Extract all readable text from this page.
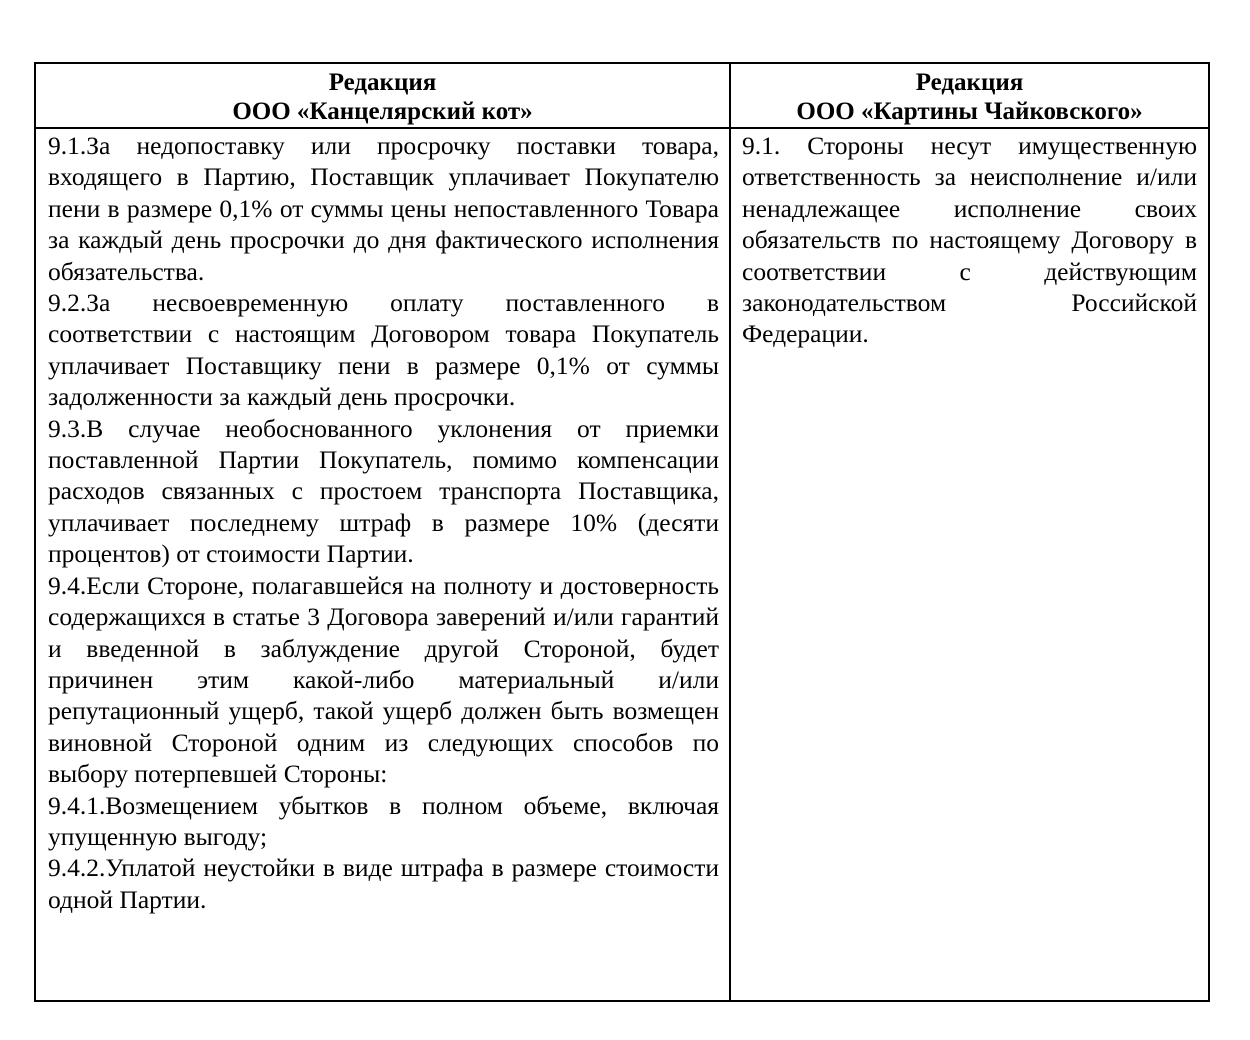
Редакция
ООО «Канцелярский кот»
Редакция
ООО «Картины Чайковского»

9.1.За недопоставку или просрочку поставки товара, входящего в Партию, Поставщик уплачивает Покупателю пени в размере 0,1% от суммы цены непоставленного Товара за каждый день просрочки до дня фактического исполнения обязательства.

9.2.За несвоевременную оплату поставленного в соответствии с настоящим Договором товара Покупатель уплачивает Поставщику пени в размере 0,1% от суммы задолженности за каждый день просрочки.

9.3.В случае необоснованного уклонения от приемки поставленной Партии Покупатель, помимо компенсации расходов связанных с простоем транспорта Поставщика, уплачивает последнему штраф в размере 10% (десяти процентов) от стоимости Партии.

9.4.Если Стороне, полагавшейся на полноту и достоверность содержащихся в статье 3 Договора заверений и/или гарантий и введенной в заблуждение другой Стороной, будет причинен этим какой-либо материальный и/или репутационный ущерб, такой ущерб должен быть возмещен виновной Стороной одним из следующих способов по выбору потерпевшей Стороны:

9.4.1.Возмещением убытков в полном объеме, включая упущенную выгоду;

9.4.2.Уплатой неустойки в виде штрафа в размере стоимости одной Партии.

9.1. Стороны несут имущественную ответственность за неисполнение и/или ненадлежащее исполнение своих обязательств по настоящему Договору в соответствии с действующим законодательством Российской Федерации.
